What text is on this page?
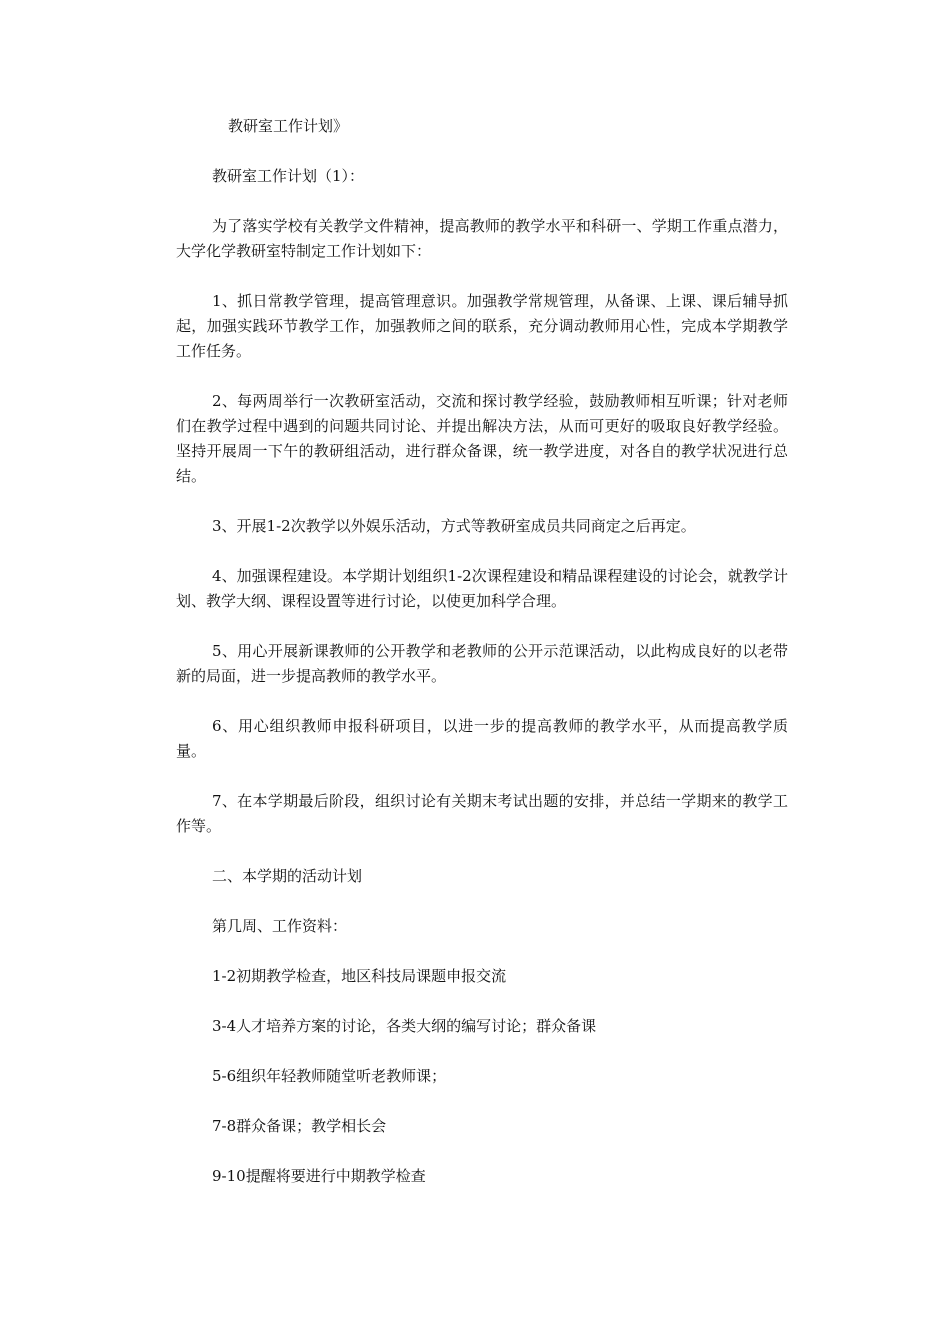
教研室工作计划》

教研室工作计划（1）：

为了落实学校有关教学文件精神，提高教师的教学水平和科研一、学期工作重点潜力，大学化学教研室特制定工作计划如下：

1、抓日常教学管理，提高管理意识。加强教学常规管理，从备课、上课、课后辅导抓起，加强实践环节教学工作，加强教师之间的联系，充分调动教师用心性，完成本学期教学工作任务。

2、每两周举行一次教研室活动，交流和探讨教学经验，鼓励教师相互听课；针对老师们在教学过程中遇到的问题共同讨论、并提出解决方法，从而可更好的吸取良好教学经验。坚持开展周一下午的教研组活动，进行群众备课，统一教学进度，对各自的教学状况进行总结。

3、开展1-2次教学以外娱乐活动，方式等教研室成员共同商定之后再定。

4、加强课程建设。本学期计划组织1-2次课程建设和精品课程建设的讨论会，就教学计划、教学大纲、课程设置等进行讨论，以使更加科学合理。

5、用心开展新课教师的公开教学和老教师的公开示范课活动，以此构成良好的以老带新的局面，进一步提高教师的教学水平。

6、用心组织教师申报科研项目，以进一步的提高教师的教学水平，从而提高教学质量。

7、在本学期最后阶段，组织讨论有关期末考试出题的安排，并总结一学期来的教学工作等。

二、本学期的活动计划

第几周、工作资料：

1-2初期教学检查，地区科技局课题申报交流

3-4人才培养方案的讨论，各类大纲的编写讨论；群众备课

5-6组织年轻教师随堂听老教师课；

7-8群众备课；教学相长会

9-10提醒将要进行中期教学检查
